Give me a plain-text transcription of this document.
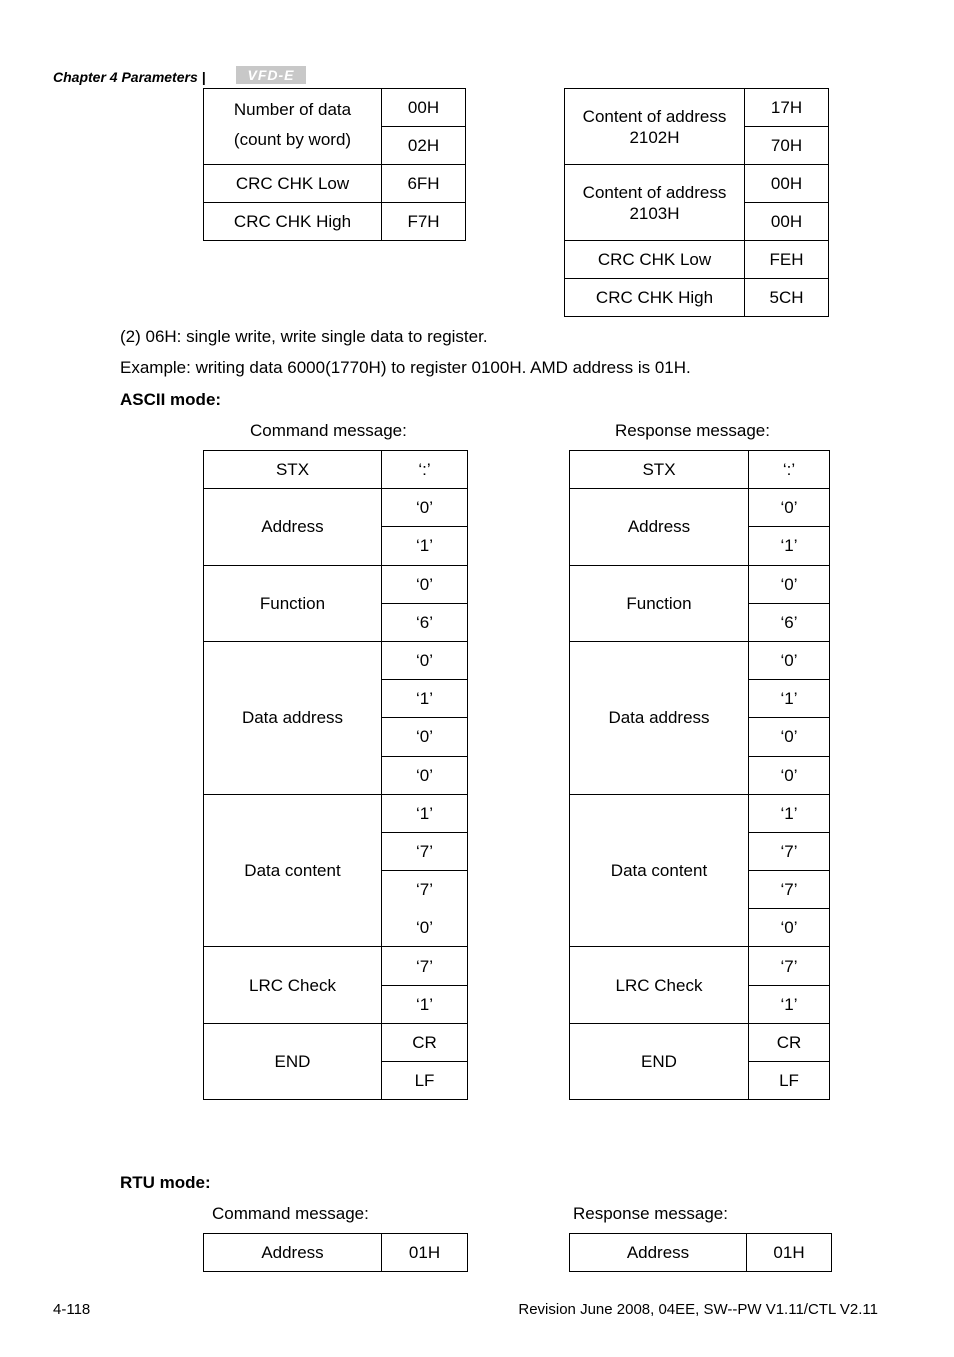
Chapter 4 Parameters |	VFD-E
Number of data
(count by word)	00H
	02H
CRC CHK Low	6FH
CRC CHK High	F7H
Content of address
2102H	17H
	70H
Content of address
2103H	00H
	00H
CRC CHK Low	FEH
CRC CHK High	5CH
(2) 06H: single write, write single data to register.
Example: writing data 6000(1770H) to register 0100H. AMD address is 01H.
ASCII mode:
Command message:	Response message:
STX	‘:’
Address	‘0’
	‘1’
Function	‘0’
	‘6’
Data address	‘0’
	‘1’
	‘0’
	‘0’
Data content	‘1’
	‘7’
	‘7’
	‘0’
LRC Check	‘7’
	‘1’
END	CR
	LF
STX	‘:’
Address	‘0’
	‘1’
Function	‘0’
	‘6’
Data address	‘0’
	‘1’
	‘0’
	‘0’
Data content	‘1’
	‘7’
	‘7’
	‘0’
LRC Check	‘7’
	‘1’
END	CR
	LF
RTU mode:
Command message:	Response message:
Address	01H	Address	01H
4-118	Revision June 2008, 04EE, SW--PW V1.11/CTL V2.11
